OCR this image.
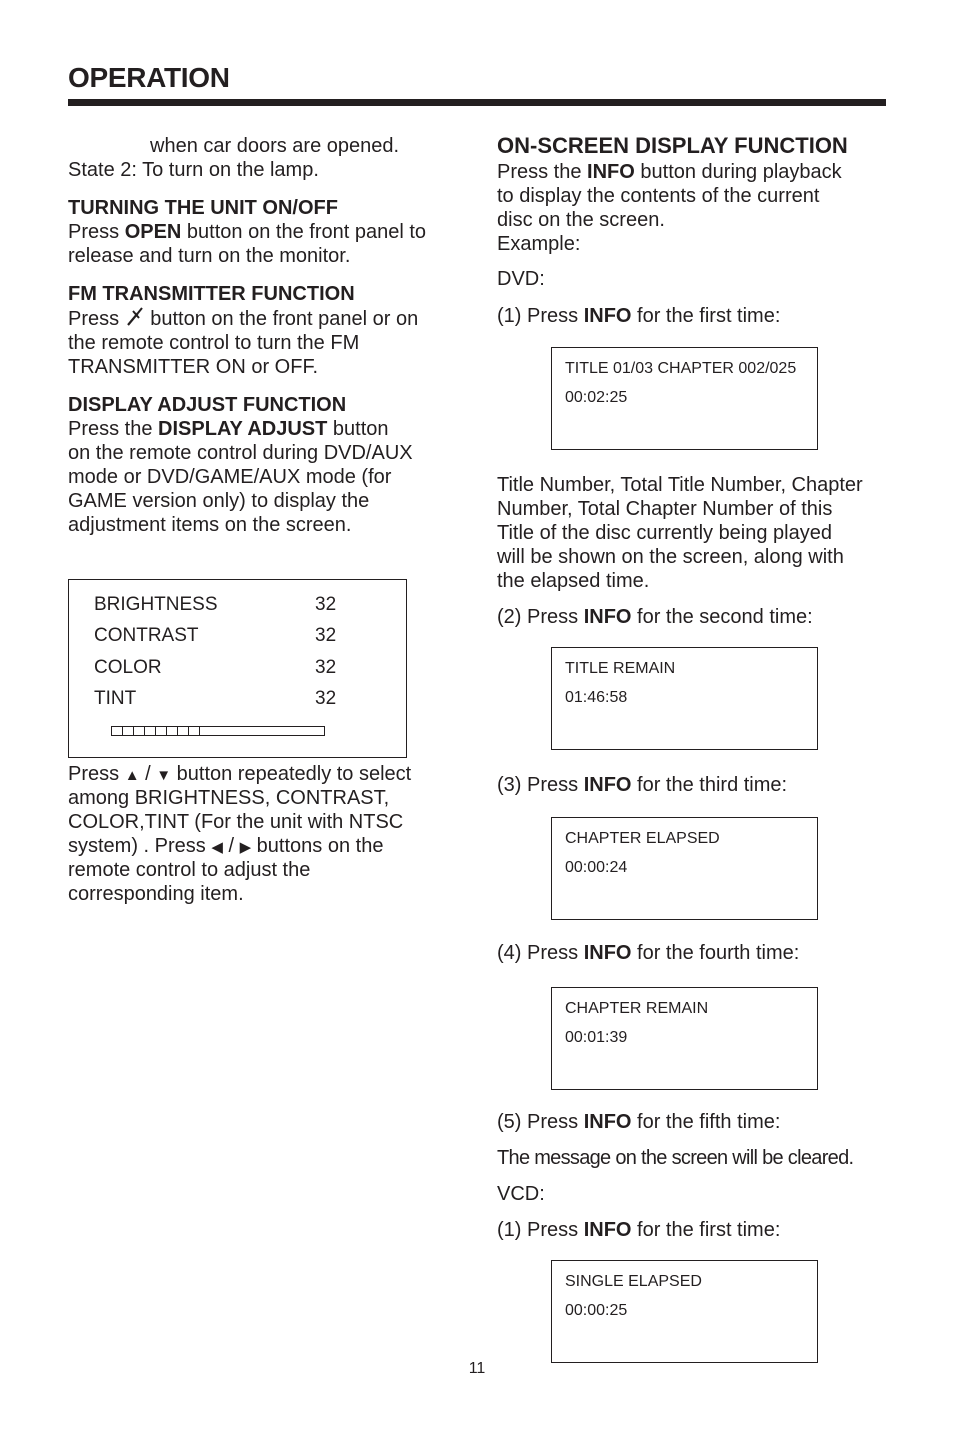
OPERATION
when car doors are opened.
State 2: To turn on the lamp.
TURNING THE UNIT ON/OFF
Press OPEN button on the front panel to
release and turn on the monitor.
FM TRANSMITTER FUNCTION
Press  button on the front panel or on
the remote control to turn the FM
TRANSMITTER ON or OFF.
DISPLAY ADJUST FUNCTION
Press the DISPLAY ADJUST button
on the remote control during DVD/AUX
mode or DVD/GAME/AUX mode (for
GAME version only) to display the
adjustment items on the screen.
BRIGHTNESS	32
CONTRAST	32
COLOR	32
TINT	32
Press ▲ / ▼ button repeatedly to select
among BRIGHTNESS, CONTRAST,
COLOR,TINT (For the unit with NTSC
system) . Press ◀ / ▶ buttons on the
remote control to adjust the
corresponding item.
ON-SCREEN DISPLAY FUNCTION
Press the INFO button during playback
to display the contents of the current
disc on the screen.
Example:
DVD:
(1) Press INFO for the first time:
TITLE 01/03 CHAPTER 002/025
00:02:25
Title Number, Total Title Number, Chapter
Number, Total Chapter Number of this
Title of the disc currently being played
will be shown on the screen, along with
the elapsed time.
(2) Press INFO for the second time:
TITLE REMAIN
01:46:58
(3) Press INFO for the third time:
CHAPTER ELAPSED
00:00:24
(4) Press INFO for the fourth time:
CHAPTER REMAIN
00:01:39
(5) Press INFO for the fifth time:
The message on the screen will be cleared.
VCD:
(1) Press INFO for the first time:
SINGLE ELAPSED
00:00:25
11
